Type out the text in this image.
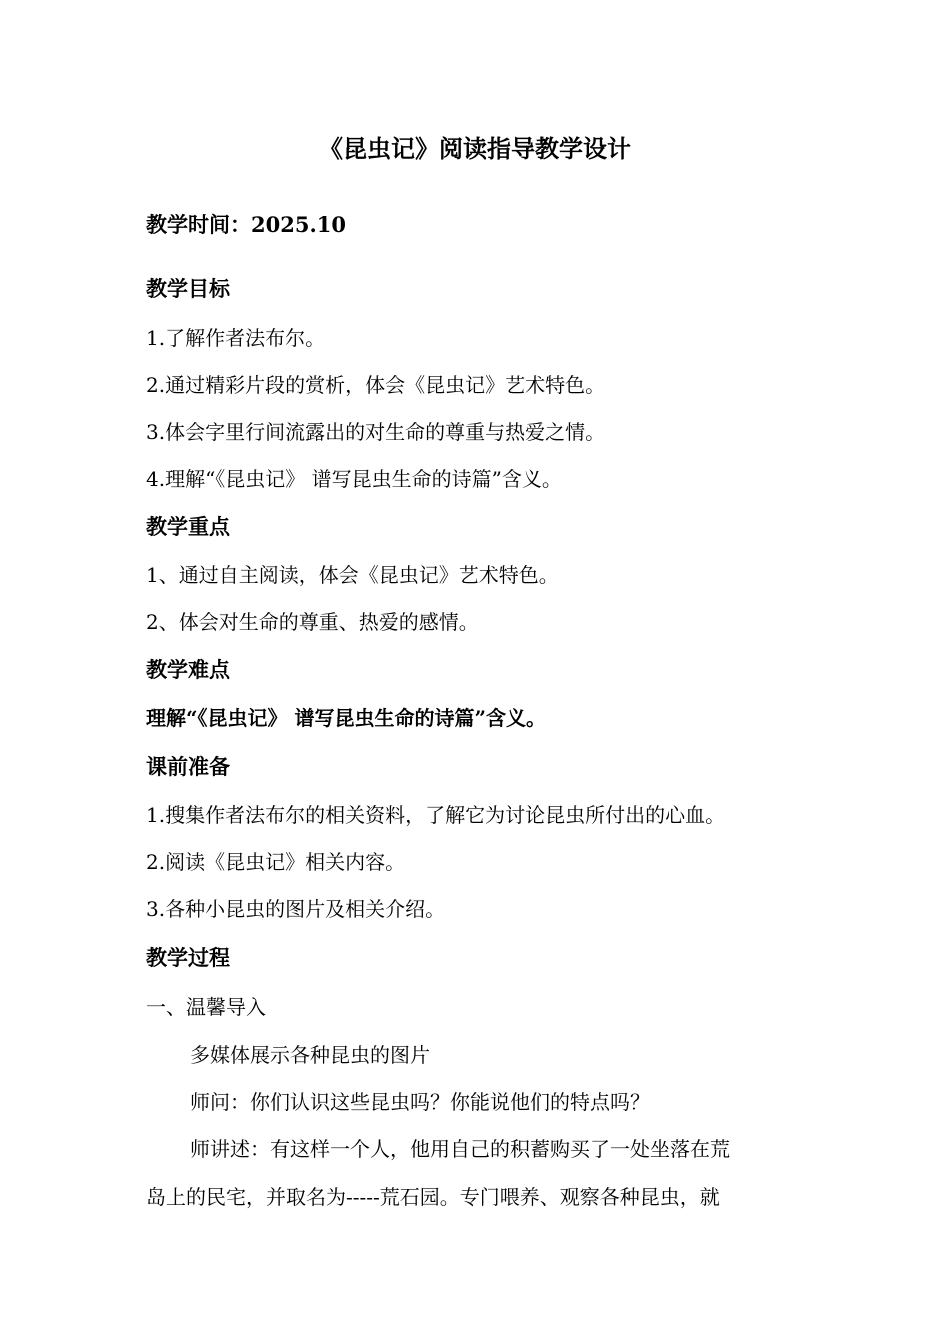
《昆虫记》阅读指导教学设计
教学时间：2025.10
教学目标
1.了解作者法布尔。
2.通过精彩片段的赏析，体会《昆虫记》艺术特色。
3.体会字里行间流露出的对生命的尊重与热爱之情。
4.理解“《昆虫记》 谱写昆虫生命的诗篇”含义。
教学重点
1、通过自主阅读，体会《昆虫记》艺术特色。
2、体会对生命的尊重、热爱的感情。
教学难点
理解“《昆虫记》 谱写昆虫生命的诗篇”含义。
课前准备
1.搜集作者法布尔的相关资料，了解它为讨论昆虫所付出的心血。
2.阅读《昆虫记》相关内容。
3.各种小昆虫的图片及相关介绍。
教学过程
一、温馨导入
多媒体展示各种昆虫的图片
师问：你们认识这些昆虫吗？你能说他们的特点吗？
师讲述：有这样一个人，他用自己的积蓄购买了一处坐落在荒
岛上的民宅，并取名为-----荒石园。专门喂养、观察各种昆虫，就
